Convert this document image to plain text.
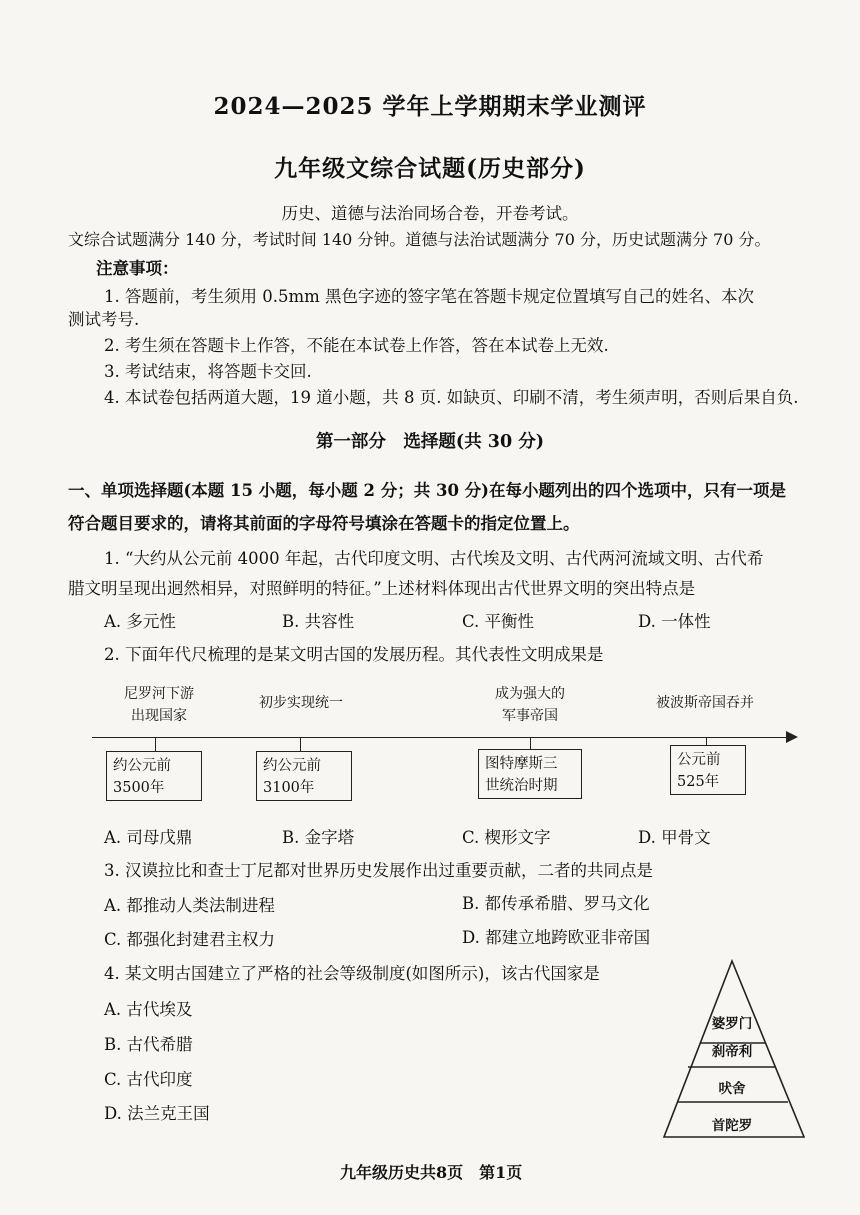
2024—2025 学年上学期期末学业测评
九年级文综合试题(历史部分)
历史、道德与法治同场合卷，开卷考试。
文综合试题满分 140 分，考试时间 140 分钟。道德与法治试题满分 70 分，历史试题满分 70 分。
注意事项：
1. 答题前，考生须用 0.5mm 黑色字迹的签字笔在答题卡规定位置填写自己的姓名、本次
测试考号.
2. 考生须在答题卡上作答，不能在本试卷上作答，答在本试卷上无效.
3. 考试结束，将答题卡交回.
4. 本试卷包括两道大题，19 道小题，共 8 页. 如缺页、印刷不清，考生须声明，否则后果自负.
第一部分　选择题(共 30 分)
一、单项选择题(本题 15 小题，每小题 2 分；共 30 分)在每小题列出的四个选项中，只有一项是
符合题目要求的，请将其前面的字母符号填涂在答题卡的指定位置上。
1. “大约从公元前 4000 年起，古代印度文明、古代埃及文明、古代两河流域文明、古代希
腊文明呈现出迥然相异，对照鲜明的特征。”上述材料体现出古代世界文明的突出特点是
A. 多元性	B. 共容性	C. 平衡性	D. 一体性
2. 下面年代尺梳理的是某文明古国的发展历程。其代表性文明成果是
尼罗河下游
出现国家
初步实现统一
成为强大的
军事帝国
被波斯帝国吞并
约公元前
3500年
约公元前
3100年
图特摩斯三
世统治时期
公元前
525年
A. 司母戊鼎	B. 金字塔	C. 楔形文字	D. 甲骨文
3. 汉谟拉比和查士丁尼都对世界历史发展作出过重要贡献，二者的共同点是
A. 都推动人类法制进程	B. 都传承希腊、罗马文化
C. 都强化封建君主权力	D. 都建立地跨欧亚非帝国
4. 某文明古国建立了严格的社会等级制度(如图所示)，该古代国家是
A. 古代埃及
B. 古代希腊
C. 古代印度
D. 法兰克王国
婆罗门
刹帝利
吠舍
首陀罗
九年级历史共8页　第1页
